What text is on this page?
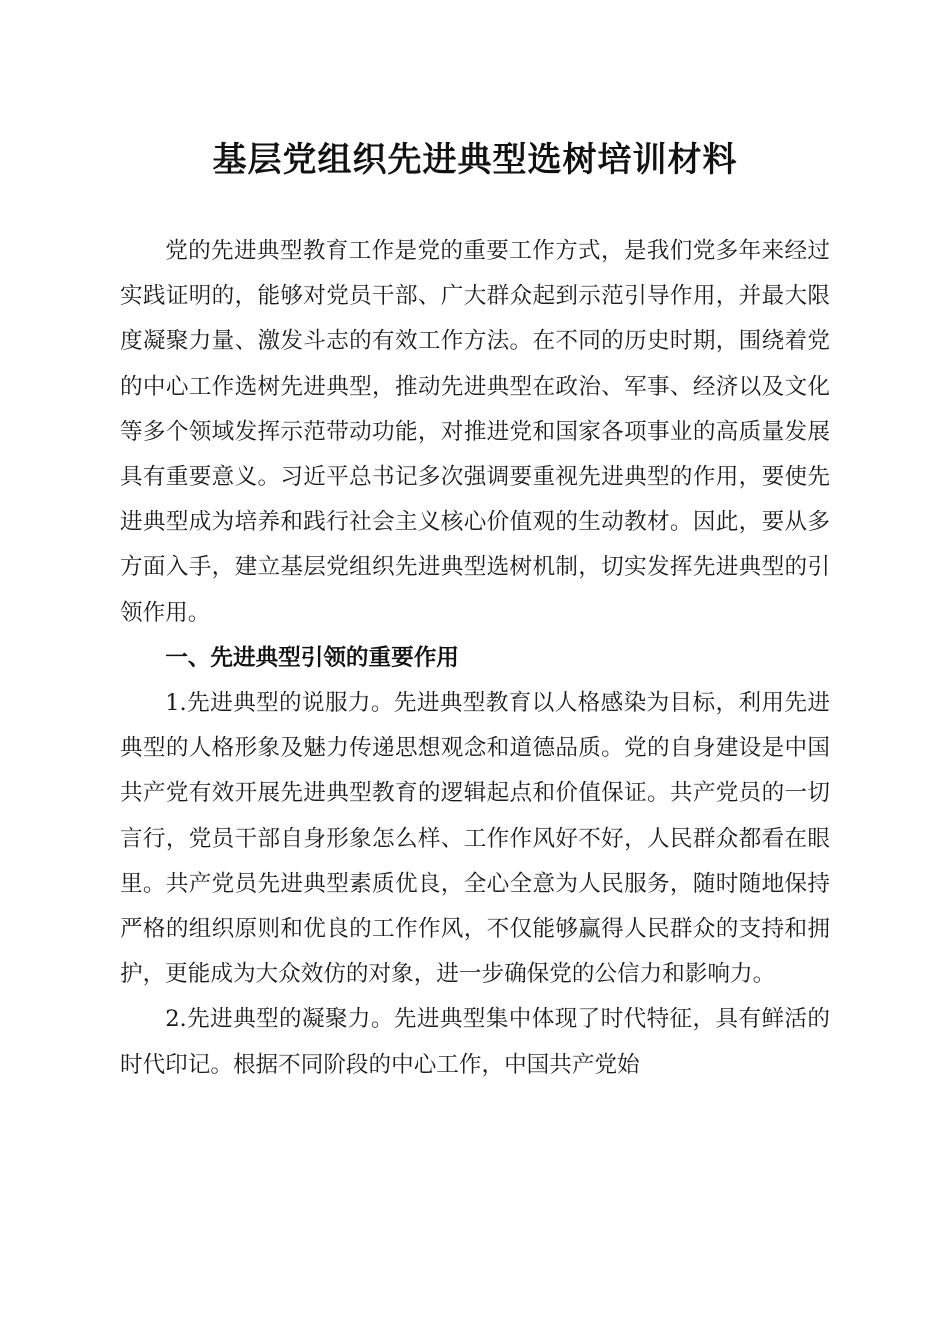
基层党组织先进典型选树培训材料

党的先进典型教育工作是党的重要工作方式，是我们党多年来经过实践证明的，能够对党员干部、广大群众起到示范引导作用，并最大限度凝聚力量、激发斗志的有效工作方法。在不同的历史时期，围绕着党的中心工作选树先进典型，推动先进典型在政治、军事、经济以及文化等多个领域发挥示范带动功能，对推进党和国家各项事业的高质量发展具有重要意义。习近平总书记多次强调要重视先进典型的作用，要使先进典型成为培养和践行社会主义核心价值观的生动教材。因此，要从多方面入手，建立基层党组织先进典型选树机制，切实发挥先进典型的引领作用。

一、先进典型引领的重要作用

1.先进典型的说服力。先进典型教育以人格感染为目标，利用先进典型的人格形象及魅力传递思想观念和道德品质。党的自身建设是中国共产党有效开展先进典型教育的逻辑起点和价值保证。共产党员的一切言行，党员干部自身形象怎么样、工作作风好不好，人民群众都看在眼里。共产党员先进典型素质优良，全心全意为人民服务，随时随地保持严格的组织原则和优良的工作作风，不仅能够赢得人民群众的支持和拥护，更能成为大众效仿的对象，进一步确保党的公信力和影响力。

2.先进典型的凝聚力。先进典型集中体现了时代特征，具有鲜活的时代印记。根据不同阶段的中心工作，中国共产党始
